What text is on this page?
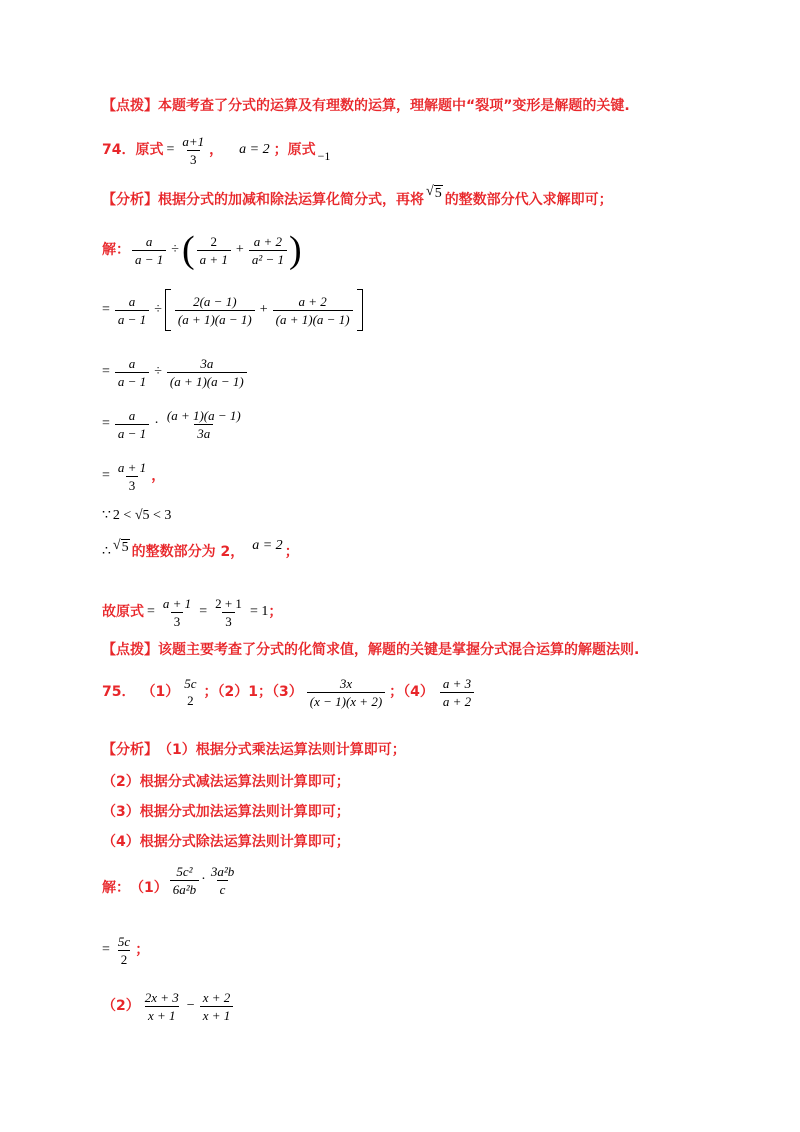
【点拨】 本题考查了分式的运算及有理数的运算，理解题中“裂项”变形是解题的关键.
74． 原式 = $\frac{a+1}{3}$ ， a = 2 ； 原式 −1
【分析】 根据分式的加减和除法运算化简分式，再将
√ 5 的整数部分代入求解即可；
解： $\frac{a}{a - 1}$ ÷ ( $\frac{2}{a + 1} + \frac{a + 2}{\text{a² − 1}}$ )
= $\frac{a}{a - 1} \div \frac{2(a - 1)}{(a + 1)(a - 1)} + \frac{a + 2}{(a + 1)(a - 1)}$
= $\frac{a}{a - 1} \div \frac{3a}{(a + 1)(a - 1)}$
= $\frac{a}{a - 1} \cdot \frac{(a + 1)(a - 1)}{3a}$
= $\frac{a + 1}{3}$ ，
∵ 2 < √5 < 3
∴ √ 5 的整数部分为 2， a = 2 ；
故原式 = $\frac{a + 1}{3} = \frac{2 + 1}{3} = 1$ ；
【点拨】 该题主要考查了分式的化简求值，解题的关键是掌握分式混合运算的解题法则.
75． （1）
5c
2
；（2）1；$(3) \frac{3x}{(x - 1)(x + 2)}$ ；$(4) \frac{a + 3}{a + 2}$
【分析】 （1）根据分式乘法运算法则计算即可；
（2）根据分式减法运算法则计算即可；
（3）根据分式加法运算法则计算即可；
（4）根据分式除法运算法则计算即可；
解： $(1) \frac{\text{5c²}}{\text{6a²b}} \cdot \frac{\text{3a²b}}{c}$
= $\frac{5c}{2}$ ；
$(2) \frac{2x + 3}{x + 1} - \frac{x + 2}{x + 1}$
